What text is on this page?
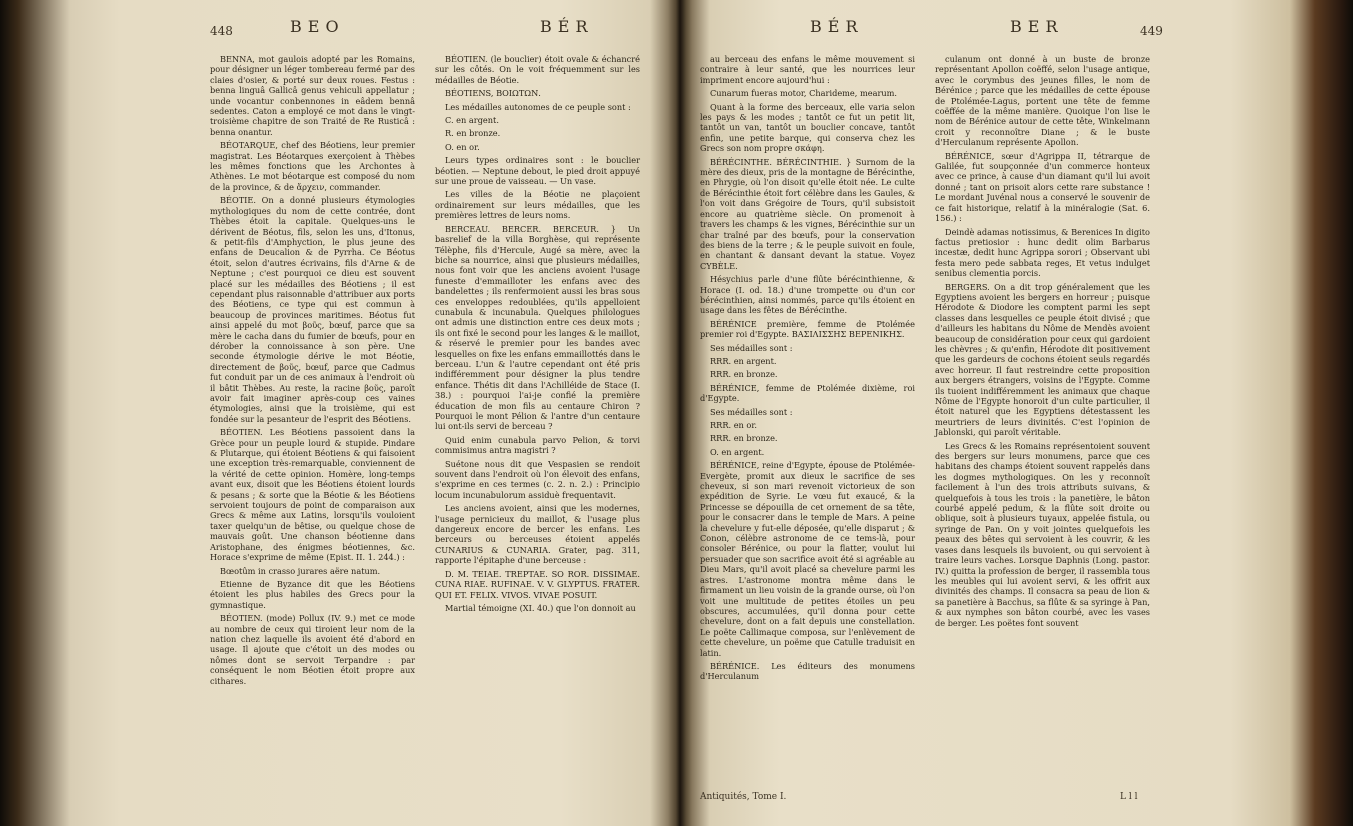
448	BEO	BÉR

BENNA, mot gaulois adopté par les Romains, pour désigner un léger tombereau fermé par des claies d'osier, & porté sur deux roues. Festus : benna linguâ Gallicâ genus vehiculi appellatur ; unde vocantur conbennones in eâdem bennâ sedentes. Caton a employé ce mot dans le vingt-troisième chapitre de son Traité de Re Rusticâ : benna onantur.

BÉOTARQUE, chef des Béotiens, leur premier magistrat. Les Béotarques exerçoient à Thèbes les mêmes fonctions que les Archontes à Athènes. Le mot béotarque est composé du nom de la province, & de ἄρχειν, commander.

BÉOTIE. On a donné plusieurs étymologies mythologiques du nom de cette contrée, dont Thèbes étoit la capitale. Quelques-uns le dérivent de Béotus, fils, selon les uns, d'Itonus, & petit-fils d'Amphyction, le plus jeune des enfans de Deucalion & de Pyrrha. Ce Béotus étoit, selon d'autres écrivains, fils d'Arne & de Neptune ; c'est pourquoi ce dieu est souvent placé sur les médailles des Béotiens ; il est cependant plus raisonnable d'attribuer aux ports des Béotiens, ce type qui est commun à beaucoup de provinces maritimes. Béotus fut ainsi appelé du mot βοῦς, bœuf, parce que sa mère le cacha dans du fumier de bœufs, pour en dérober la connoissance à son père. Une seconde étymologie dérive le mot Béotie, directement de βοῦς, bœuf, parce que Cadmus fut conduit par un de ces animaux à l'endroit où il bâtit Thèbes. Au reste, la racine βοῦς, paroît avoir fait imaginer après-coup ces vaines étymologies, ainsi que la troisième, qui est fondée sur la pesanteur de l'esprit des Béotiens.

BÉOTIEN. Les Béotiens passoient dans la Grèce pour un peuple lourd & stupide. Pindare & Plutarque, qui étoient Béotiens & qui faisoient une exception très-remarquable, conviennent de la vérité de cette opinion. Homère, long-temps avant eux, disoit que les Béotiens étoient lourds & pesans ; & sorte que la Béotie & les Béotiens servoient toujours de point de comparaison aux Grecs & même aux Latins, lorsqu'ils vouloient taxer quelqu'un de bêtise, ou quelque chose de mauvais goût. Une chanson béotienne dans Aristophane, des énigmes béotiennes, &c. Horace s'exprime de même (Epist. II. 1. 244.) :

Bœotûm in crasso jurares aëre natum.

Etienne de Byzance dit que les Béotiens étoient les plus habiles des Grecs pour la gymnastique.

BÉOTIEN. (mode) Pollux (IV. 9.) met ce mode au nombre de ceux qui tiroient leur nom de la nation chez laquelle ils avoient été d'abord en usage. Il ajoute que c'étoit un des modes ou nômes dont se servoit Terpandre : par conséquent le nom Béotien étoit propre aux cithares.

BÉOTIEN. (le bouclier) étoit ovale & échancré sur les côtés. On le voit fréquemment sur les médailles de Béotie.

BÉOTIENS, ΒΟΙΩΤΩΝ.

Les médailles autonomes de ce peuple sont :

C. en argent.

R. en bronze.

O. en or.

Leurs types ordinaires sont : le bouclier béotien. — Neptune debout, le pied droit appuyé sur une proue de vaisseau. — Un vase.

Les villes de la Béotie ne plaçoient ordinairement sur leurs médailles, que les premières lettres de leurs noms.

BERCEAU. BERCER. BERCEUR. } Un basrelief de la villa Borghèse, qui représente Télèphe, fils d'Hercule, Augé sa mère, avec la biche sa nourrice, ainsi que plusieurs médailles, nous font voir que les anciens avoient l'usage funeste d'emmailloter les enfans avec des bandelettes ; ils renfermoient aussi les bras sous ces enveloppes redoublées, qu'ils appelloient cunabula & incunabula. Quelques philologues ont admis une distinction entre ces deux mots ; ils ont fixé le second pour les langes & le maillot, & réservé le premier pour les bandes avec lesquelles on fixe les enfans emmaillottés dans le berceau. L'un & l'autre cependant ont été pris indifféremment pour désigner la plus tendre enfance. Thétis dit dans l'Achilléide de Stace (I. 38.) : pourquoi l'ai-je confié la première éducation de mon fils au centaure Chiron ? Pourquoi le mont Pélion & l'antre d'un centaure lui ont-ils servi de berceau ?

Quid enim cunabula parvo Pelion, & torvi commisimus antra magistri ?

Suétone nous dit que Vespasien se rendoit souvent dans l'endroit où l'on élevoit des enfans, s'exprime en ces termes (c. 2. n. 2.) : Principio locum incunabulorum assiduè frequentavit.

Les anciens avoient, ainsi que les modernes, l'usage pernicieux du maillot, & l'usage plus dangereux encore de bercer les enfans. Les berceurs ou berceuses étoient appelés CUNARIUS & CUNARIA. Grater, pag. 311, rapporte l'épitaphe d'une berceuse :

D. M. TEIAE. TREPTAE. SO ROR. DISSIMAE. CUNA RIAE. RUFINAE. V. V. GLYPTUS. FRATER. QUI ET. FELIX. VIVOS. VIVAE POSUIT.

Martial témoigne (XI. 40.) que l'on donnoit au

BÉR	BER	449

au berceau des enfans le même mouvement si contraire à leur santé, que les nourrices leur impriment encore aujourd'hui :

Cunarum fueras motor, Charideme, mearum.

Quant à la forme des berceaux, elle varia selon les pays & les modes ; tantôt ce fut un petit lit, tantôt un van, tantôt un bouclier concave, tantôt enfin, une petite barque, qui conserva chez les Grecs son nom propre σκάφη.

BÉRÉCINTHE. BÉRÉCINTHIE. } Surnom de la mère des dieux, pris de la montagne de Bérécinthe, en Phrygie, où l'on disoit qu'elle étoit née. Le culte de Bérécinthie étoit fort célèbre dans les Gaules, & l'on voit dans Grégoire de Tours, qu'il subsistoit encore au quatrième siècle. On promenoit à travers les champs & les vignes, Bérécinthie sur un char traîné par des bœufs, pour la conservation des biens de la terre ; & le peuple suivoit en foule, en chantant & dansant devant la statue. Voyez CYBÈLE.

Hésychius parle d'une flûte bérécinthienne, & Horace (I. od. 18.) d'une trompette ou d'un cor bérécinthien, ainsi nommés, parce qu'ils étoient en usage dans les fêtes de Bérécinthe.

BÉRÉNICE première, femme de Ptolémée premier roi d'Egypte. ΒΑΣΙΛΙΣΣΗΣ ΒΕΡΕΝΙΚΗΣ.

Ses médailles sont :

RRR. en argent.

RRR. en bronze.

BÉRÉNICE, femme de Ptolémée dixième, roi d'Egypte.

Ses médailles sont :

RRR. en or.

RRR. en bronze.

O. en argent.

BÉRÉNICE, reine d'Egypte, épouse de Ptolémée-Evergète, promit aux dieux le sacrifice de ses cheveux, si son mari revenoit victorieux de son expédition de Syrie. Le vœu fut exaucé, & la Princesse se dépouilla de cet ornement de sa tête, pour le consacrer dans le temple de Mars. A peine la chevelure y fut-elle déposée, qu'elle disparut ; & Conon, célèbre astronome de ce tems-là, pour consoler Bérénice, ou pour la flatter, voulut lui persuader que son sacrifice avoit été si agréable au Dieu Mars, qu'il avoit placé sa chevelure parmi les astres. L'astronome montra même dans le firmament un lieu voisin de la grande ourse, où l'on voit une multitude de petites étoiles un peu obscures, accumulées, qu'il donna pour cette chevelure, dont on a fait depuis une constellation. Le poëte Callimaque composa, sur l'enlèvement de cette chevelure, un poëme que Catulle traduisit en latin.

BÉRÉNICE. Les éditeurs des monumens d'Herculanum

culanum ont donné à un buste de bronze représentant Apollon coëffé, selon l'usage antique, avec le corymbus des jeunes filles, le nom de Bérénice ; parce que les médailles de cette épouse de Ptolémée-Lagus, portent une tête de femme coëffée de la même manière. Quoique l'on lise le nom de Bérénice autour de cette tête, Winkelmann croit y reconnoître Diane ; & le buste d'Herculanum représente Apollon.

BÉRÉNICE, sœur d'Agrippa II, tétrarque de Galilée, fut soupçonnée d'un commerce honteux avec ce prince, à cause d'un diamant qu'il lui avoit donné ; tant on prisoit alors cette rare substance ! Le mordant Juvénal nous a conservé le souvenir de ce fait historique, relatif à la minéralogie (Sat. 6. 156.) :

Deindè adamas notissimus, & Berenices In digito factus pretiosior : hunc dedit olim Barbarus incestæ, dedit hunc Agrippa sorori ; Observant ubi festa mero pede sabbata reges, Et vetus indulget senibus clementia porcis.

BERGERS. On a dit trop généralement que les Egyptiens avoient les bergers en horreur ; puisque Hérodote & Diodore les comptent parmi les sept classes dans lesquelles ce peuple étoit divisé ; que d'ailleurs les habitans du Nôme de Mendès avoient beaucoup de considération pour ceux qui gardoient les chèvres ; & qu'enfin, Hérodote dit positivement que les gardeurs de cochons étoient seuls regardés avec horreur. Il faut restreindre cette proposition aux bergers étrangers, voisins de l'Egypte. Comme ils tuoient indifféremment les animaux que chaque Nôme de l'Egypte honoroit d'un culte particulier, il étoit naturel que les Egyptiens détestassent les meurtriers de leurs divinités. C'est l'opinion de Jablonski, qui paroît véritable.

Les Grecs & les Romains représentoient souvent des bergers sur leurs monumens, parce que ces habitans des champs étoient souvent rappelés dans les dogmes mythologiques. On les y reconnoît facilement à l'un des trois attributs suivans, & quelquefois à tous les trois : la panetière, le bâton courbé appelé pedum, & la flûte soit droite ou oblique, soit à plusieurs tuyaux, appelée fistula, ou syringe de Pan. On y voit jointes quelquefois les peaux des bêtes qui servoient à les couvrir, & les vases dans lesquels ils buvoient, ou qui servoient à traire leurs vaches. Lorsque Daphnis (Long. pastor. IV.) quitta la profession de berger, il rassembla tous les meubles qui lui avoient servi, & les offrit aux divinités des champs. Il consacra sa peau de lion & sa panetière à Bacchus, sa flûte & sa syringe à Pan, & aux nymphes son bâton courbé, avec les vases de berger. Les poëtes font souvent

Antiquités, Tome I.	L l l
